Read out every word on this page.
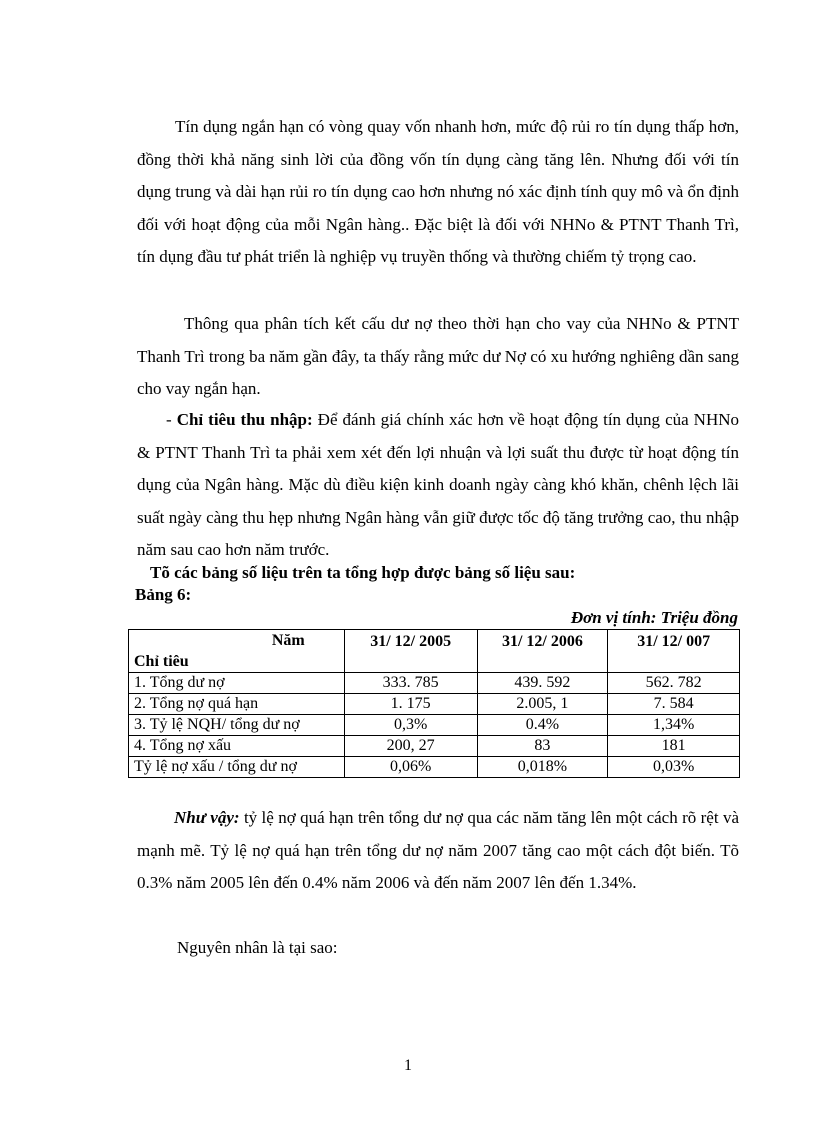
Tín dụng ngắn hạn có vòng quay vốn nhanh hơn, mức độ rủi ro tín dụng thấp hơn, đồng thời khả năng sinh lời của đồng vốn tín dụng càng tăng lên. Nhưng đối với tín dụng trung và dài hạn rủi ro tín dụng cao hơn nhưng nó xác định tính quy mô và ổn định đối với hoạt động của mỗi Ngân hàng.. Đặc biệt là đối với NHNo & PTNT Thanh Trì, tín dụng đầu tư phát triển là nghiệp vụ truyền thống và thường chiếm tỷ trọng cao.

Thông qua phân tích kết cấu dư nợ theo thời hạn cho vay của NHNo & PTNT Thanh Trì trong ba năm gần đây, ta thấy rằng mức dư Nợ có xu hướng nghiêng dần sang cho vay ngắn hạn.

- Chỉ tiêu thu nhập: Để đánh giá chính xác hơn về hoạt động tín dụng của NHNo & PTNT Thanh Trì ta phải xem xét đến lợi nhuận và lợi suất thu được từ hoạt động tín dụng của Ngân hàng. Mặc dù điều kiện kinh doanh ngày càng khó khăn, chênh lệch lãi suất ngày càng thu hẹp nhưng Ngân hàng vẫn giữ được tốc độ tăng trưởng cao, thu nhập năm sau cao hơn năm trước.

Tõ các bảng số liệu trên ta tổng hợp được bảng số liệu sau:

Bảng 6:

Đơn vị tính: Triệu đồng

Năm
Chỉ tiêu	31/ 12/ 2005	31/ 12/ 2006	31/ 12/ 007
1. Tổng dư nợ	333. 785	439. 592	562. 782
2. Tổng nợ quá hạn	1. 175	2.005, 1	7. 584
3. Tỷ lệ NQH/ tổng dư nợ	0,3%	0.4%	1,34%
4. Tổng nợ xấu	200, 27	83	181
Tỷ lệ nợ xấu / tổng dư nợ	0,06%	0,018%	0,03%

Như vậy: tỷ lệ nợ quá hạn trên tổng dư nợ qua các năm tăng lên một cách rõ rệt và mạnh mẽ. Tỷ lệ nợ quá hạn trên tổng dư nợ năm 2007 tăng cao một cách đột biến. Tõ 0.3% năm 2005 lên đến 0.4% năm 2006 và đến năm 2007 lên đến 1.34%.

Nguyên nhân là tại sao:

1
